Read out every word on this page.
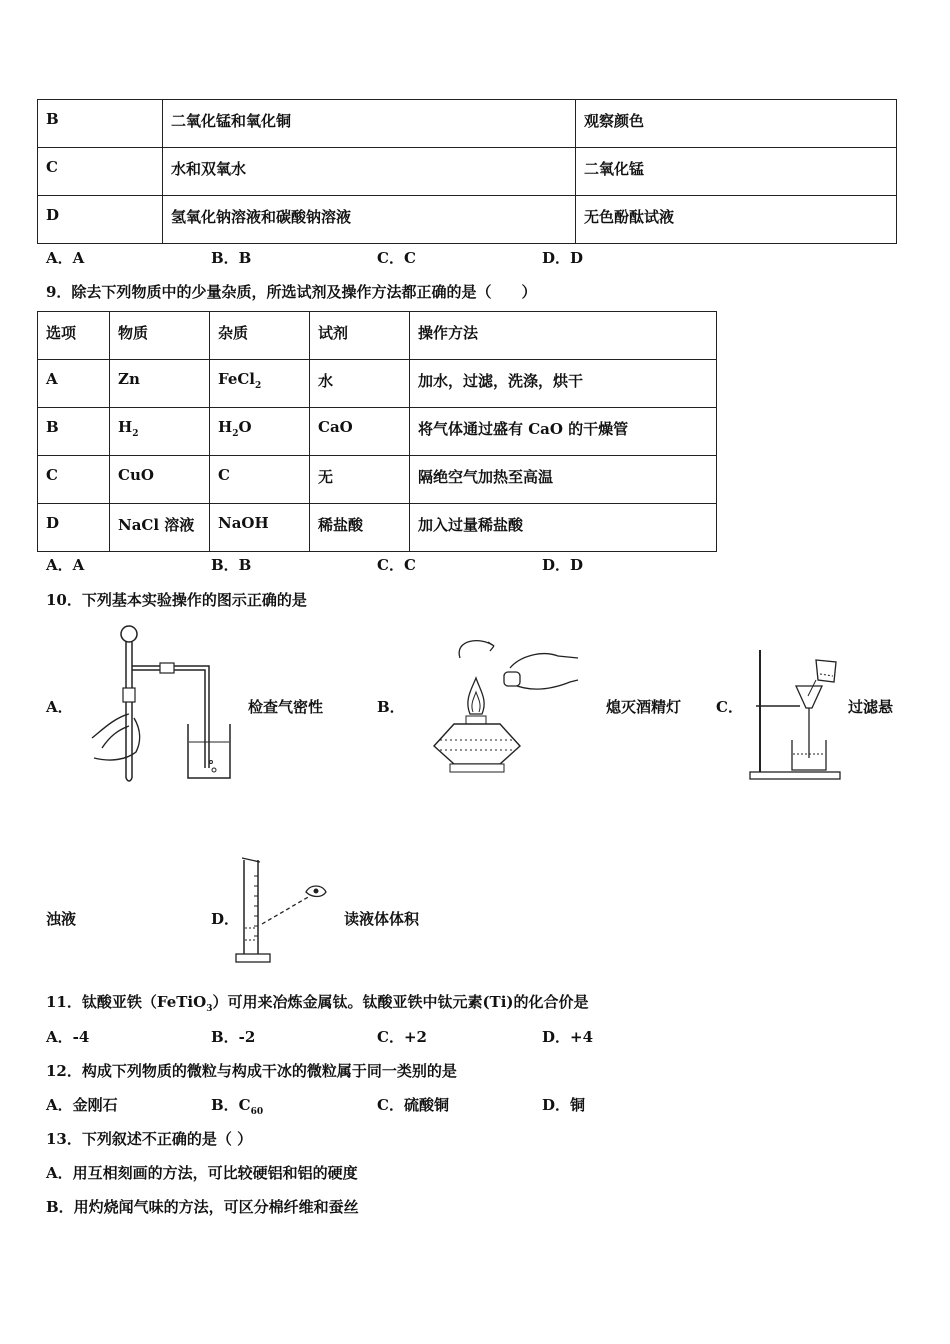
B	二氧化锰和氧化铜	观察颜色
C	水和双氧水	二氧化锰
D	氢氧化钠溶液和碳酸钠溶液	无色酚酞试液
A．A	B．B	C．C	D．D
9．除去下列物质中的少量杂质，所选试剂及操作方法都正确的是（　　）
选项	物质	杂质	试剂	操作方法
A	Zn	FeCl$_2$	水	加水，过滤，洗涤，烘干
B	$H_2$	$H_2O$	CaO	将气体通过盛有 CaO 的干燥管
C	CuO	C	无	隔绝空气加热至高温
D	NaCl 溶液	NaOH	稀盐酸	加入过量稀盐酸
A．A	B．B	C．C	D．D
10．下列基本实验操作的图示正确的是
A．	检查气密性	B．	熄灭酒精灯 C．	过滤悬
浊液	D．	读液体体积
11．钛酸亚铁（FeTiO$_3$）可用来冶炼金属钛。钛酸亚铁中钛元素(Ti)的化合价是
A．-4	B．-2	C．+2	D．+4
12．构成下列物质的微粒与构成干冰的微粒属于同一类别的是
A．金刚石	B．$C_{60}$	C．硫酸铜	D．铜
13．下列叙述不正确的是（ ）
A．用互相刻画的方法，可比较硬铝和铝的硬度
B．用灼烧闻气味的方法，可区分棉纤维和蚕丝
